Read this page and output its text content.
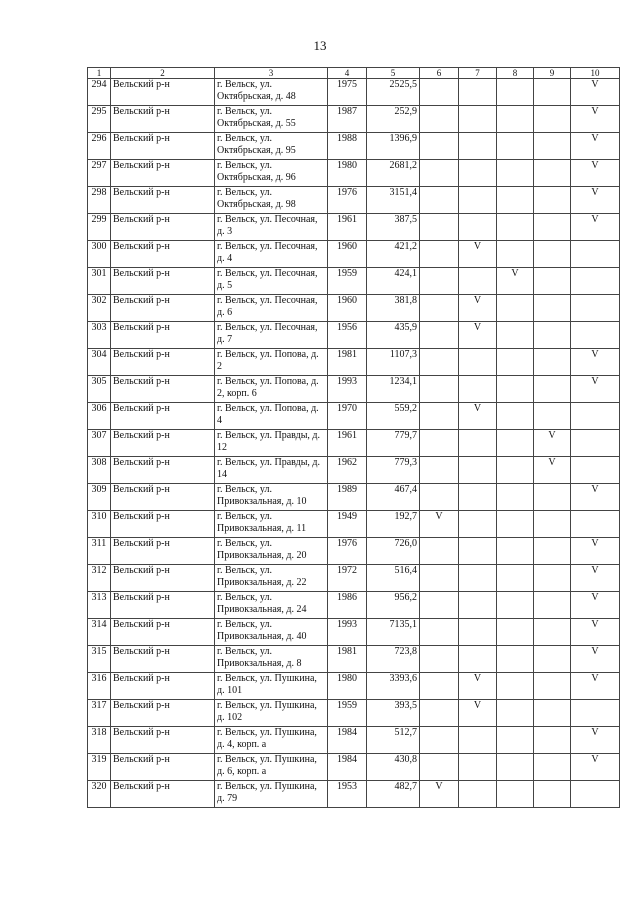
13
1	2	3	4	5	6	7	8	9	10
294	Вельский р-н	г. Вельск, ул. Октябрьская, д. 48	1975	2525,5					V
295	Вельский р-н	г. Вельск, ул. Октябрьская, д. 55	1987	252,9					V
296	Вельский р-н	г. Вельск, ул. Октябрьская, д. 95	1988	1396,9					V
297	Вельский р-н	г. Вельск, ул. Октябрьская, д. 96	1980	2681,2					V
298	Вельский р-н	г. Вельск, ул. Октябрьская, д. 98	1976	3151,4					V
299	Вельский р-н	г. Вельск, ул. Песочная, д. 3	1961	387,5					V
300	Вельский р-н	г. Вельск, ул. Песочная, д. 4	1960	421,2		V			
301	Вельский р-н	г. Вельск, ул. Песочная, д. 5	1959	424,1			V		
302	Вельский р-н	г. Вельск, ул. Песочная, д. 6	1960	381,8		V			
303	Вельский р-н	г. Вельск, ул. Песочная, д. 7	1956	435,9		V			
304	Вельский р-н	г. Вельск, ул. Попова, д. 2	1981	1107,3					V
305	Вельский р-н	г. Вельск, ул. Попова, д. 2, корп. 6	1993	1234,1					V
306	Вельский р-н	г. Вельск, ул. Попова, д. 4	1970	559,2		V			
307	Вельский р-н	г. Вельск, ул. Правды, д. 12	1961	779,7				V	
308	Вельский р-н	г. Вельск, ул. Правды, д. 14	1962	779,3				V	
309	Вельский р-н	г. Вельск, ул. Привокзальная, д. 10	1989	467,4					V
310	Вельский р-н	г. Вельск, ул. Привокзальная, д. 11	1949	192,7	V				
311	Вельский р-н	г. Вельск, ул. Привокзальная, д. 20	1976	726,0					V
312	Вельский р-н	г. Вельск, ул. Привокзальная, д. 22	1972	516,4					V
313	Вельский р-н	г. Вельск, ул. Привокзальная, д. 24	1986	956,2					V
314	Вельский р-н	г. Вельск, ул. Привокзальная, д. 40	1993	7135,1					V
315	Вельский р-н	г. Вельск, ул. Привокзальная, д. 8	1981	723,8					V
316	Вельский р-н	г. Вельск, ул. Пушкина, д. 101	1980	3393,6		V			V
317	Вельский р-н	г. Вельск, ул. Пушкина, д. 102	1959	393,5		V			
318	Вельский р-н	г. Вельск, ул. Пушкина, д. 4, корп. а	1984	512,7					V
319	Вельский р-н	г. Вельск, ул. Пушкина, д. 6, корп. а	1984	430,8					V
320	Вельский р-н	г. Вельск, ул. Пушкина, д. 79	1953	482,7	V				
